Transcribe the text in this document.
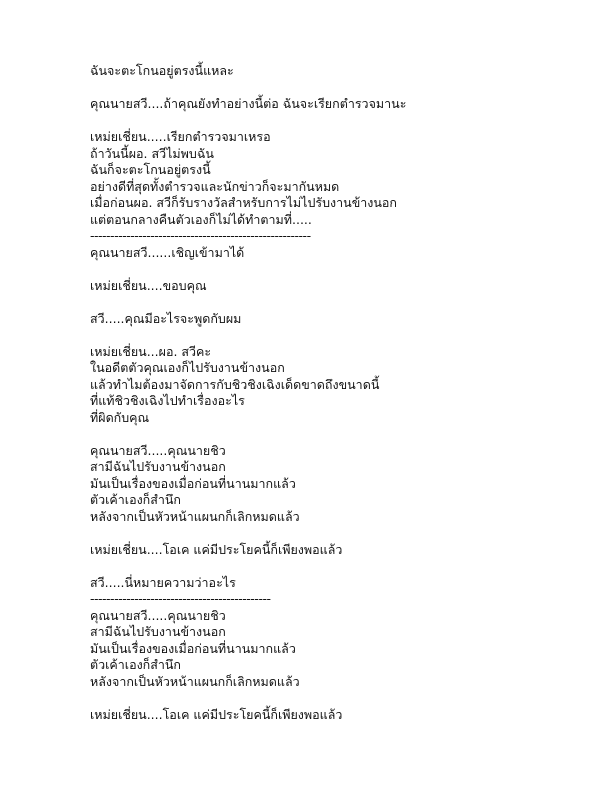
ฉันจะตะโกนอยู่ตรงนี้แหละ
คุณนายสวี....ถ้าคุณยังทำอย่างนี้ต่อ ฉันจะเรียกตำรวจมานะ
เหม่ยเชี่ยน.....เรียกตำรวจมาเหรอ
ถ้าวันนี้ผอ. สวีไม่พบฉัน
ฉันก็จะตะโกนอยู่ตรงนี้
อย่างดีที่สุดทั้งตำรวจและนักข่าวก็จะมากันหมด
เมื่อก่อนผอ. สวีก็รับรางวัลสำหรับการไม่ไปรับงานข้างนอก
แต่ตอนกลางคืนตัวเองก็ไม่ได้ทำตามที่.....
-------------------------------------------------------
คุณนายสวี......เชิญเข้ามาได้
เหม่ยเชี่ยน....ขอบคุณ
สวี.....คุณมีอะไรจะพูดกับผม
เหม่ยเชี่ยน...ผอ. สวีคะ
ในอดีตตัวคุณเองก็ไปรับงานข้างนอก
แล้วทำไมต้องมาจัดการกับชิวชิงเฉิงเด็ดขาดถึงขนาดนี้
ที่แท้ชิวชิงเฉิงไปทำเรื่องอะไร
ที่ผิดกับคุณ
คุณนายสวี.....คุณนายชิว
สามีฉันไปรับงานข้างนอก
มันเป็นเรื่องของเมื่อก่อนที่นานมากแล้ว
ตัวเค้าเองก็สำนึก
หลังจากเป็นหัวหน้าแผนกก็เลิกหมดแล้ว
เหม่ยเชี่ยน....โอเค แค่มีประโยคนี้ก็เพียงพอแล้ว
สวี.....นี่หมายความว่าอะไร
---------------------------------------------
คุณนายสวี.....คุณนายชิว
สามีฉันไปรับงานข้างนอก
มันเป็นเรื่องของเมื่อก่อนที่นานมากแล้ว
ตัวเค้าเองก็สำนึก
หลังจากเป็นหัวหน้าแผนกก็เลิกหมดแล้ว
เหม่ยเชี่ยน....โอเค แค่มีประโยคนี้ก็เพียงพอแล้ว
